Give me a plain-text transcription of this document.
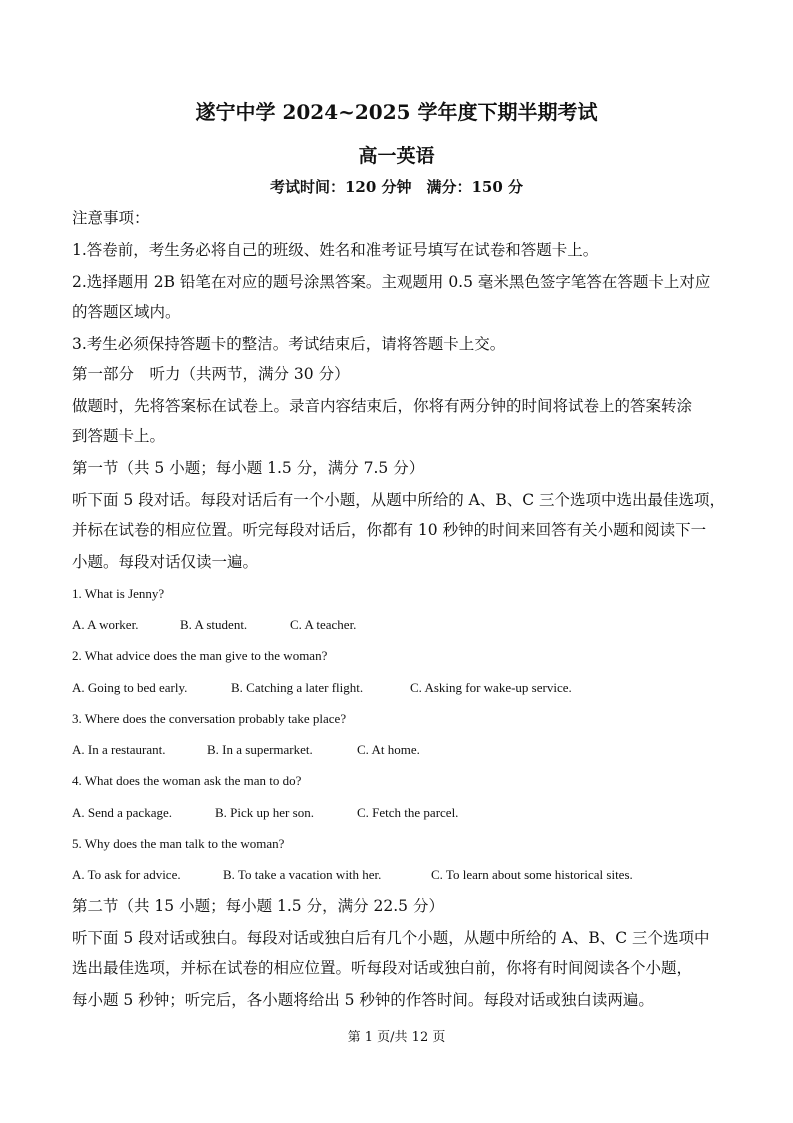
遂宁中学 2024~2025 学年度下期半期考试
高一英语
考试时间：120 分钟　满分：150 分
注意事项：
1.答卷前，考生务必将自己的班级、姓名和准考证号填写在试卷和答题卡上。
2.选择题用 2B 铅笔在对应的题号涂黑答案。主观题用 0.5 毫米黑色签字笔答在答题卡上对应
的答题区域内。
3.考生必须保持答题卡的整洁。考试结束后，请将答题卡上交。
第一部分　听力（共两节，满分 30 分）
做题时，先将答案标在试卷上。录音内容结束后，你将有两分钟的时间将试卷上的答案转涂
到答题卡上。
第一节（共 5 小题；每小题 1.5 分，满分 7.5 分）
听下面 5 段对话。每段对话后有一个小题，从题中所给的 A、B、C 三个选项中选出最佳选项，
并标在试卷的相应位置。听完每段对话后，你都有 10 秒钟的时间来回答有关小题和阅读下一
小题。每段对话仅读一遍。
1. What is Jenny?
A. A worker.	B. A student.	C. A teacher.
2. What advice does the man give to the woman?
A. Going to bed early.	B. Catching a later flight.	C. Asking for wake-up service.
3. Where does the conversation probably take place?
A. In a restaurant.	B. In a supermarket.	C. At home.
4. What does the woman ask the man to do?
A. Send a package.	B. Pick up her son.	C. Fetch the parcel.
5. Why does the man talk to the woman?
A. To ask for advice.	B. To take a vacation with her.	C. To learn about some historical sites.
第二节（共 15 小题；每小题 1.5 分，满分 22.5 分）
听下面 5 段对话或独白。每段对话或独白后有几个小题，从题中所给的 A、B、C 三个选项中
选出最佳选项，并标在试卷的相应位置。听每段对话或独白前，你将有时间阅读各个小题，
每小题 5 秒钟；听完后，各小题将给出 5 秒钟的作答时间。每段对话或独白读两遍。
第 1 页/共 12 页
